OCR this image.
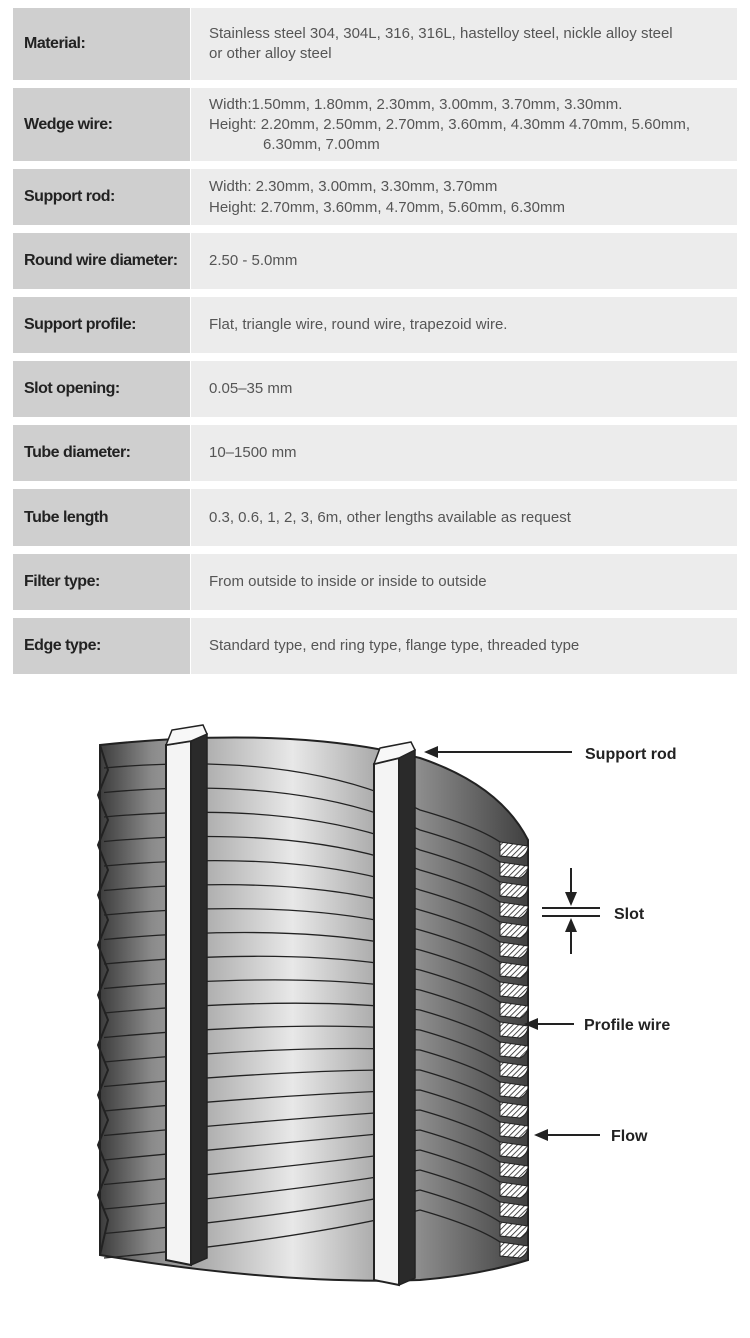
Material:
Stainless steel 304, 304L, 316, 316L, hastelloy steel, nickle alloy steel
or other alloy steel
Wedge wire:
Width:1.50mm, 1.80mm, 2.30mm, 3.00mm, 3.70mm, 3.30mm.
Height: 2.20mm, 2.50mm, 2.70mm, 3.60mm, 4.30mm 4.70mm, 5.60mm,
6.30mm, 7.00mm
Support rod:
Width: 2.30mm, 3.00mm, 3.30mm, 3.70mm
Height: 2.70mm, 3.60mm, 4.70mm, 5.60mm, 6.30mm
Round wire diameter:	2.50 - 5.0mm
Support profile:	Flat, triangle wire, round wire, trapezoid wire.
Slot opening:	0.05–35 mm
Tube diameter:	10–1500 mm
Tube length	0.3, 0.6, 1, 2, 3, 6m, other lengths available as request
Filter type:	From outside to inside or inside to outside
Edge type:	Standard type, end ring type, flange type, threaded type
Support rod
Slot
Profile wire
Flow
